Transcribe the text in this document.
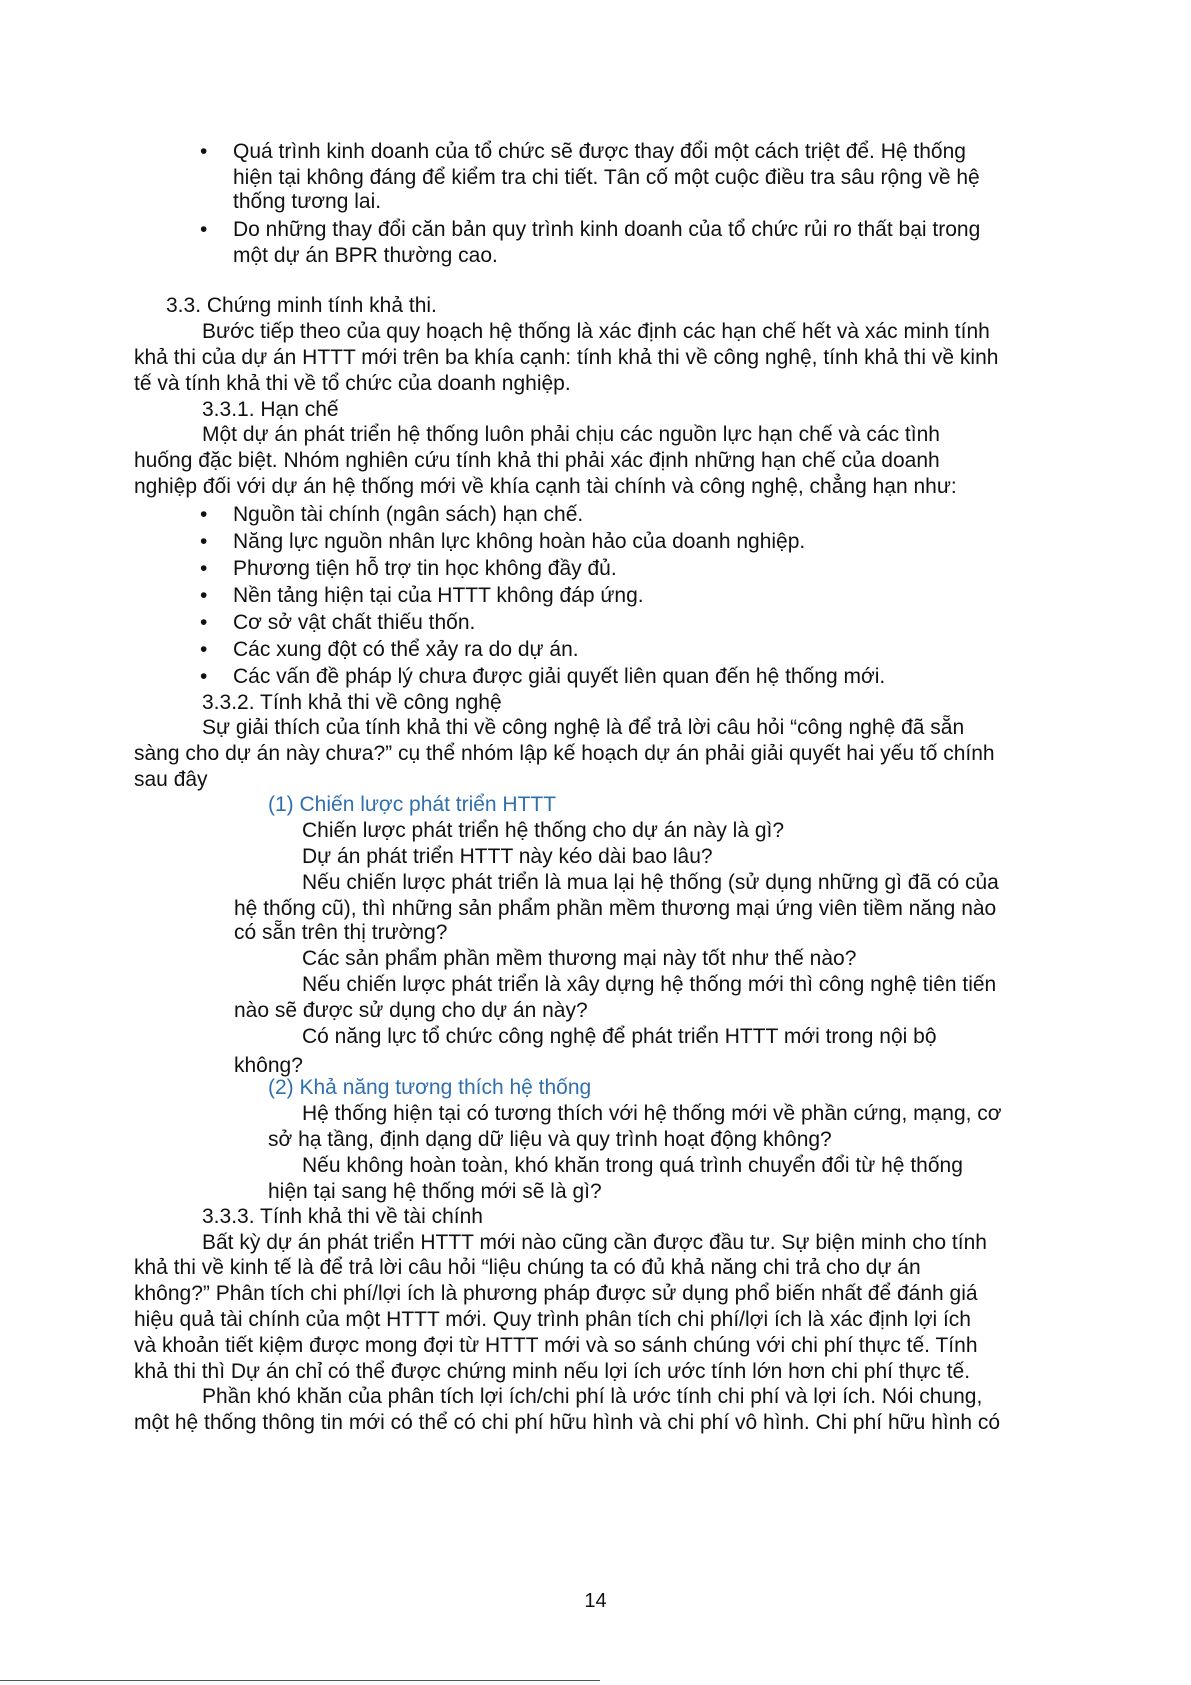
• Quá trình kinh doanh của tổ chức sẽ được thay đổi một cách triệt để. Hệ thống
hiện tại không đáng để kiểm tra chi tiết. Tân cố một cuộc điều tra sâu rộng về hệ
thống tương lai.
• Do những thay đổi căn bản quy trình kinh doanh của tổ chức rủi ro thất bại trong
một dự án BPR thường cao.
3.3. Chứng minh tính khả thi.
Bước tiếp theo của quy hoạch hệ thống là xác định các hạn chế hết và xác minh tính
khả thi của dự án HTTT mới trên ba khía cạnh: tính khả thi về công nghệ, tính khả thi về kinh
tế và tính khả thi về tổ chức của doanh nghiệp.
3.3.1. Hạn chế
Một dự án phát triển hệ thống luôn phải chịu các nguồn lực hạn chế và các tình
huống đặc biệt. Nhóm nghiên cứu tính khả thi phải xác định những hạn chế của doanh
nghiệp đối với dự án hệ thống mới về khía cạnh tài chính và công nghệ, chẳng hạn như:
• Nguồn tài chính (ngân sách) hạn chế.
• Năng lực nguồn nhân lực không hoàn hảo của doanh nghiệp.
• Phương tiện hỗ trợ tin học không đầy đủ.
• Nền tảng hiện tại của HTTT không đáp ứng.
• Cơ sở vật chất thiếu thốn.
• Các xung đột có thể xảy ra do dự án.
• Các vấn đề pháp lý chưa được giải quyết liên quan đến hệ thống mới.
3.3.2. Tính khả thi về công nghệ
Sự giải thích của tính khả thi về công nghệ là để trả lời câu hỏi “công nghệ đã sẵn
sàng cho dự án này chưa?” cụ thể nhóm lập kế hoạch dự án phải giải quyết hai yếu tố chính
sau đây
(1) Chiến lược phát triển HTTT
Chiến lược phát triển hệ thống cho dự án này là gì?
Dự án phát triển HTTT này kéo dài bao lâu?
Nếu chiến lược phát triển là mua lại hệ thống (sử dụng những gì đã có của
hệ thống cũ), thì những sản phẩm phần mềm thương mại ứng viên tiềm năng nào
có sẵn trên thị trường?
Các sản phẩm phần mềm thương mại này tốt như thế nào?
Nếu chiến lược phát triển là xây dựng hệ thống mới thì công nghệ tiên tiến
nào sẽ được sử dụng cho dự án này?
Có năng lực tổ chức công nghệ để phát triển HTTT mới trong nội bộ
không?
(2) Khả năng tương thích hệ thống
Hệ thống hiện tại có tương thích với hệ thống mới về phần cứng, mạng, cơ
sở hạ tầng, định dạng dữ liệu và quy trình hoạt động không?
Nếu không hoàn toàn, khó khăn trong quá trình chuyển đổi từ hệ thống
hiện tại sang hệ thống mới sẽ là gì?
3.3.3. Tính khả thi về tài chính
Bất kỳ dự án phát triển HTTT mới nào cũng cần được đầu tư. Sự biện minh cho tính
khả thi về kinh tế là để trả lời câu hỏi “liệu chúng ta có đủ khả năng chi trả cho dự án
không?” Phân tích chi phí/lợi ích là phương pháp được sử dụng phổ biến nhất để đánh giá
hiệu quả tài chính của một HTTT mới. Quy trình phân tích chi phí/lợi ích là xác định lợi ích
và khoản tiết kiệm được mong đợi từ HTTT mới và so sánh chúng với chi phí thực tế. Tính
khả thi thì Dự án chỉ có thể được chứng minh nếu lợi ích ước tính lớn hơn chi phí thực tế.
Phần khó khăn của phân tích lợi ích/chi phí là ước tính chi phí và lợi ích. Nói chung,
một hệ thống thông tin mới có thể có chi phí hữu hình và chi phí vô hình. Chi phí hữu hình có
14
